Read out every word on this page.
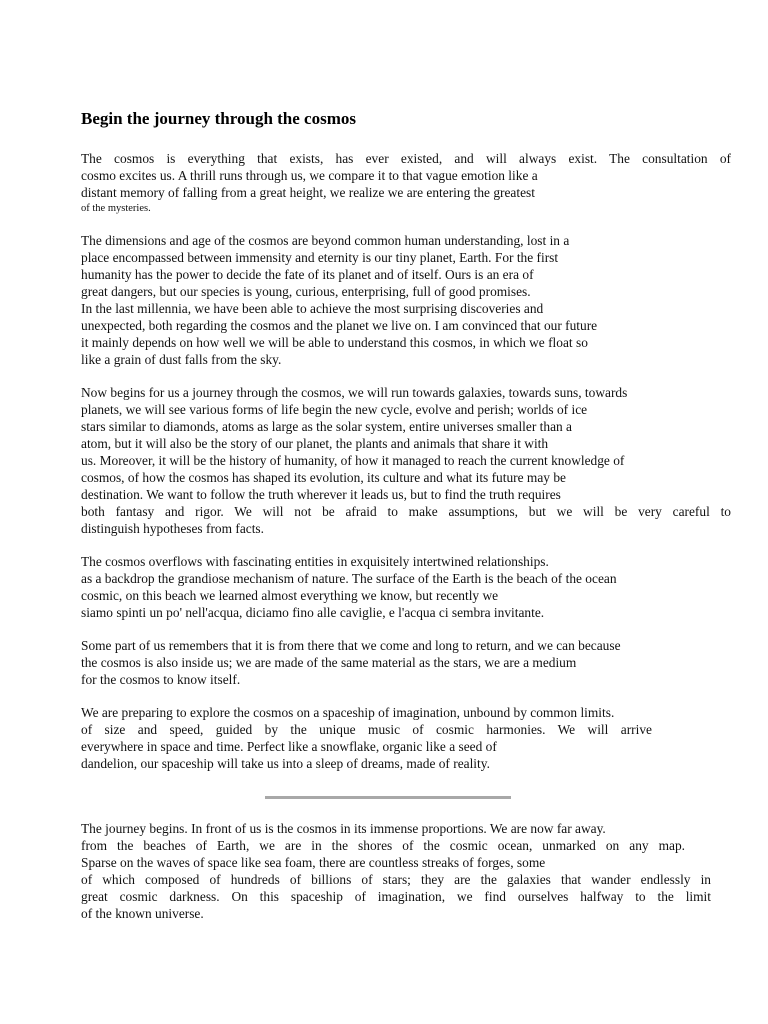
Begin the journey through the cosmos
The cosmos is everything that exists, has ever existed, and will always exist. The consultation of
cosmo excites us. A thrill runs through us, we compare it to that vague emotion like a
distant memory of falling from a great height, we realize we are entering the greatest
of the mysteries.
The dimensions and age of the cosmos are beyond common human understanding, lost in a
place encompassed between immensity and eternity is our tiny planet, Earth. For the first
humanity has the power to decide the fate of its planet and of itself. Ours is an era of
great dangers, but our species is young, curious, enterprising, full of good promises.
In the last millennia, we have been able to achieve the most surprising discoveries and
unexpected, both regarding the cosmos and the planet we live on. I am convinced that our future
it mainly depends on how well we will be able to understand this cosmos, in which we float so
like a grain of dust falls from the sky.
Now begins for us a journey through the cosmos, we will run towards galaxies, towards suns, towards
planets, we will see various forms of life begin the new cycle, evolve and perish; worlds of ice
stars similar to diamonds, atoms as large as the solar system, entire universes smaller than a
atom, but it will also be the story of our planet, the plants and animals that share it with
us. Moreover, it will be the history of humanity, of how it managed to reach the current knowledge of
cosmos, of how the cosmos has shaped its evolution, its culture and what its future may be
destination. We want to follow the truth wherever it leads us, but to find the truth requires
both fantasy and rigor. We will not be afraid to make assumptions, but we will be very careful to
distinguish hypotheses from facts.
The cosmos overflows with fascinating entities in exquisitely intertwined relationships.
as a backdrop the grandiose mechanism of nature. The surface of the Earth is the beach of the ocean
cosmic, on this beach we learned almost everything we know, but recently we
siamo spinti un po' nell'acqua, diciamo fino alle caviglie, e l'acqua ci sembra invitante.
Some part of us remembers that it is from there that we come and long to return, and we can because
the cosmos is also inside us; we are made of the same material as the stars, we are a medium
for the cosmos to know itself.
We are preparing to explore the cosmos on a spaceship of imagination, unbound by common limits.
of size and speed, guided by the unique music of cosmic harmonies. We will arrive
everywhere in space and time. Perfect like a snowflake, organic like a seed of
dandelion, our spaceship will take us into a sleep of dreams, made of reality.
The journey begins. In front of us is the cosmos in its immense proportions. We are now far away.
from the beaches of Earth, we are in the shores of the cosmic ocean, unmarked on any map.
Sparse on the waves of space like sea foam, there are countless streaks of forges, some
of which composed of hundreds of billions of stars; they are the galaxies that wander endlessly in
great cosmic darkness. On this spaceship of imagination, we find ourselves halfway to the limit
of the known universe.
